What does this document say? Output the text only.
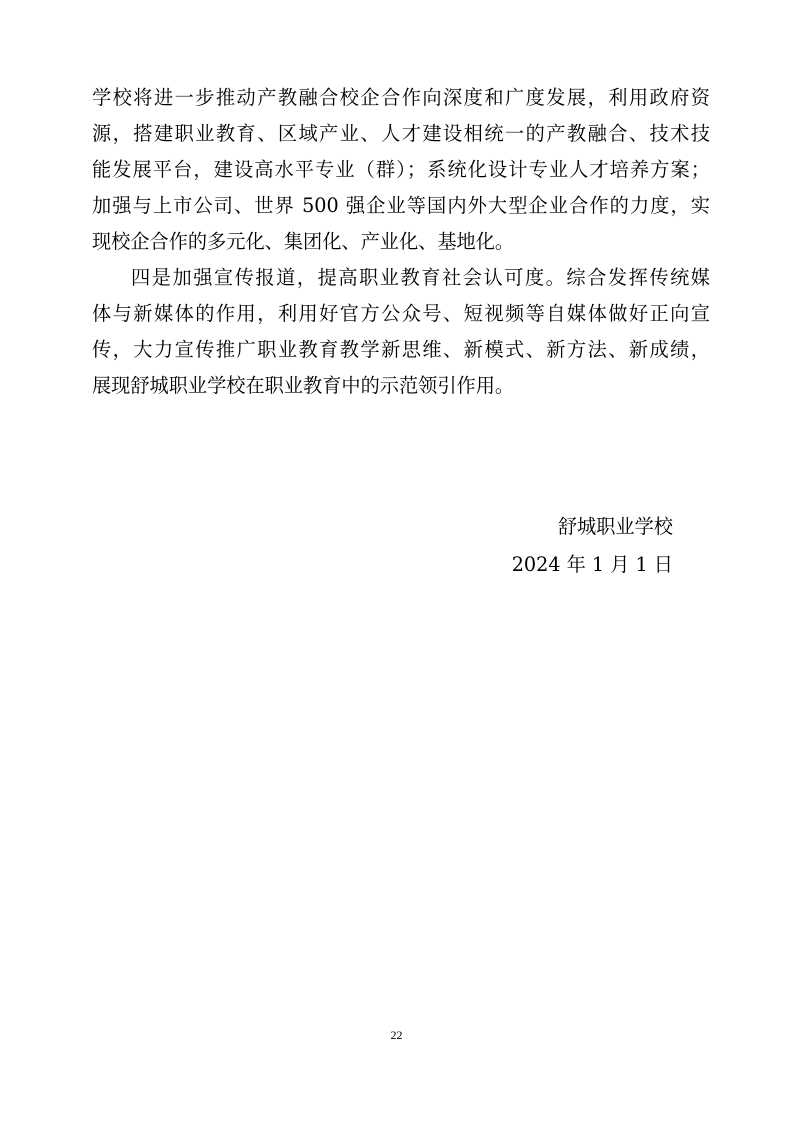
学校将进一步推动产教融合校企合作向深度和广度发展，利用政府资
源，搭建职业教育、区域产业、人才建设相统一的产教融合、技术技
能发展平台，建设高水平专业（群）；系统化设计专业人才培养方案；
加强与上市公司、世界 500 强企业等国内外大型企业合作的力度，实
现校企合作的多元化、集团化、产业化、基地化。
四是加强宣传报道，提高职业教育社会认可度。综合发挥传统媒
体与新媒体的作用，利用好官方公众号、短视频等自媒体做好正向宣
传，大力宣传推广职业教育教学新思维、新模式、新方法、新成绩，
展现舒城职业学校在职业教育中的示范领引作用。
舒城职业学校
2024 年 1 月 1 日
22
